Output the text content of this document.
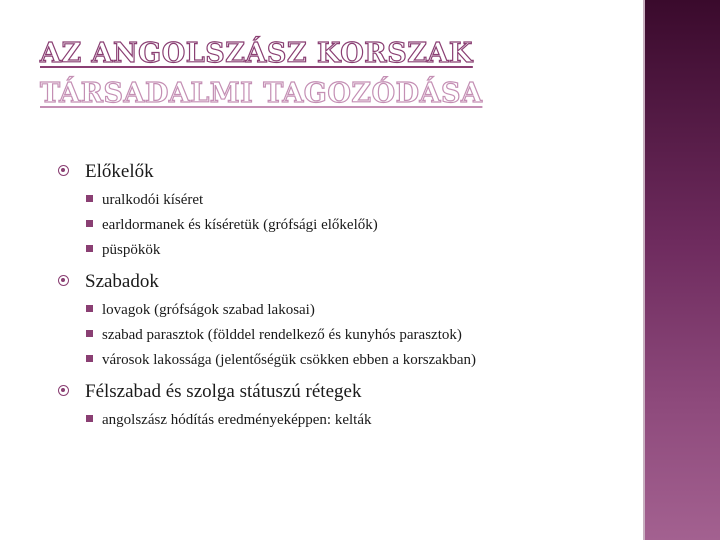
AZ ANGOLSZÁSZ KORSZAK
TÁRSADALMI TAGOZÓDÁSA
Előkelők
uralkodói kíséret
earldormanek és kíséretük (grófsági előkelők)
püspökök
Szabadok
lovagok (grófságok szabad lakosai)
szabad parasztok (földdel rendelkező és kunyhós parasztok)
városok lakossága (jelentőségük csökken ebben a korszakban)
Félszabad és szolga státuszú rétegek
angolszász hódítás eredményeképpen: kelták
